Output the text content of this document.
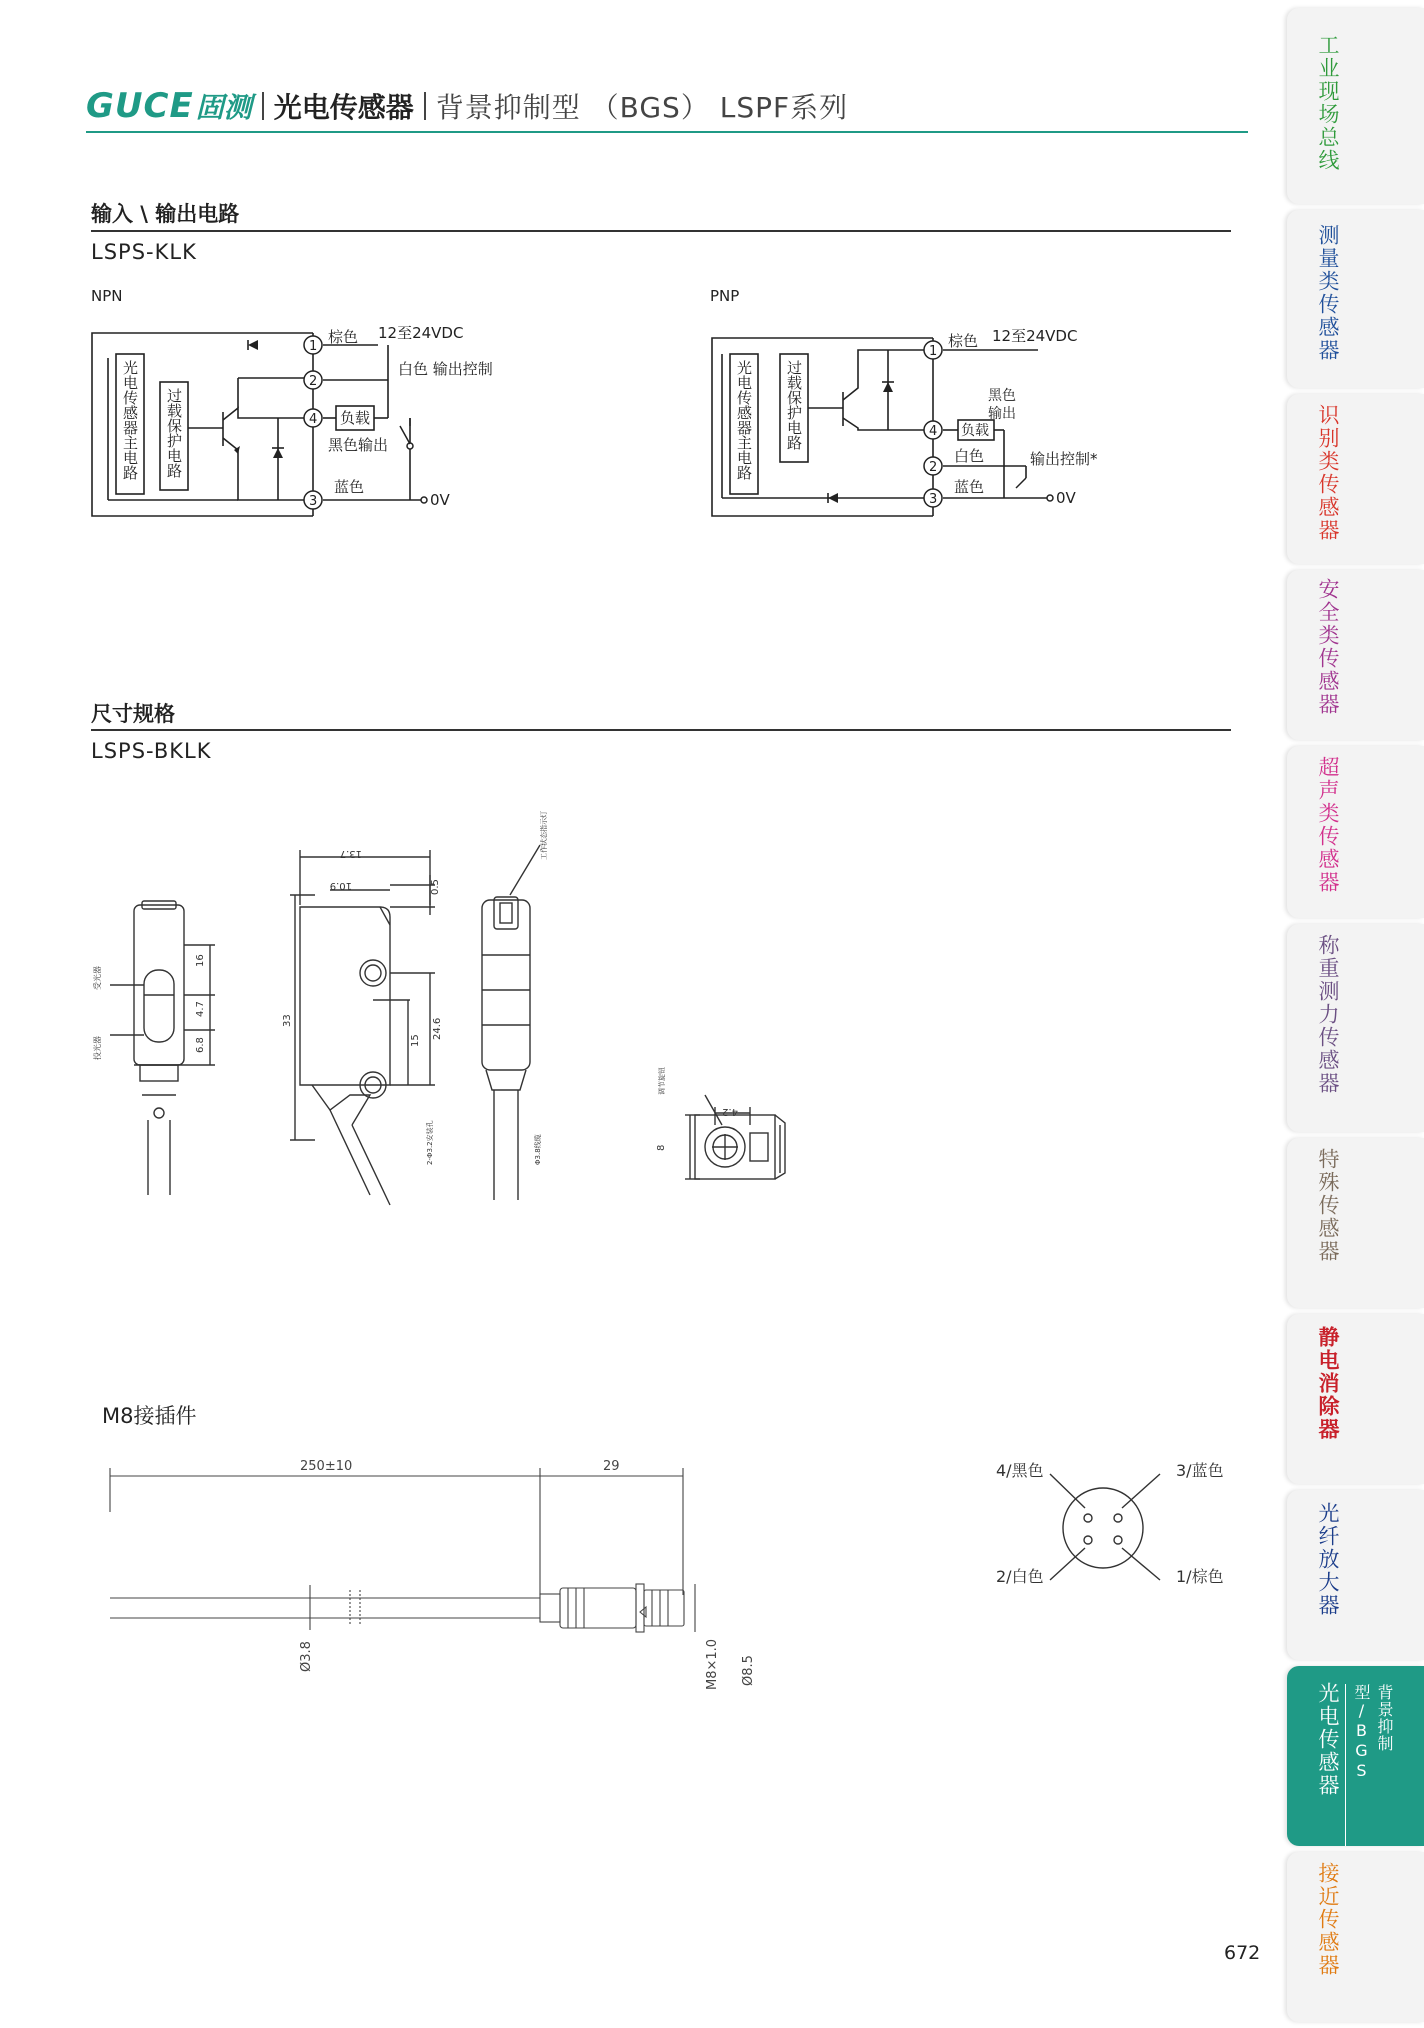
GUCE 固测 光电传感器 背景抑制型 （BGS） LSPF系列
输入 \ 输出电路
LSPS-KLK
NPN	PNP
1
2
4
3
棕色 12至24VDC
白色 输出控制
负载
黑色输出
蓝色
0V
光电传感器主电路 过载保护电路
1
4
2
3
棕色 12至24VDC
黑色
输出
负载
白色	输出控制*
蓝色
0V
光电传感器主电路 过载保护电路
尺寸规格
LSPS-BKLK
16
4.7
6.8
受光器
投光器
13.7
10.9	0.5
33	24.6
15
2-Φ3.2安装孔
工作状态指示灯
Φ3.8线缆
4.2
8
调节旋钮
M8接插件
250±10	29
Ø3.8	M8×1.0 Ø8.5
4/黑色	3/蓝色
2/白色	1/棕色
工业现场总线
测量类传感器
识别类传感器
安全类传感器
超声类传感器
称重测力传感器
特殊传感器
静电消除器
光纤放大器
光电传感器	背景抑制型/BGS
接近传感器
672
